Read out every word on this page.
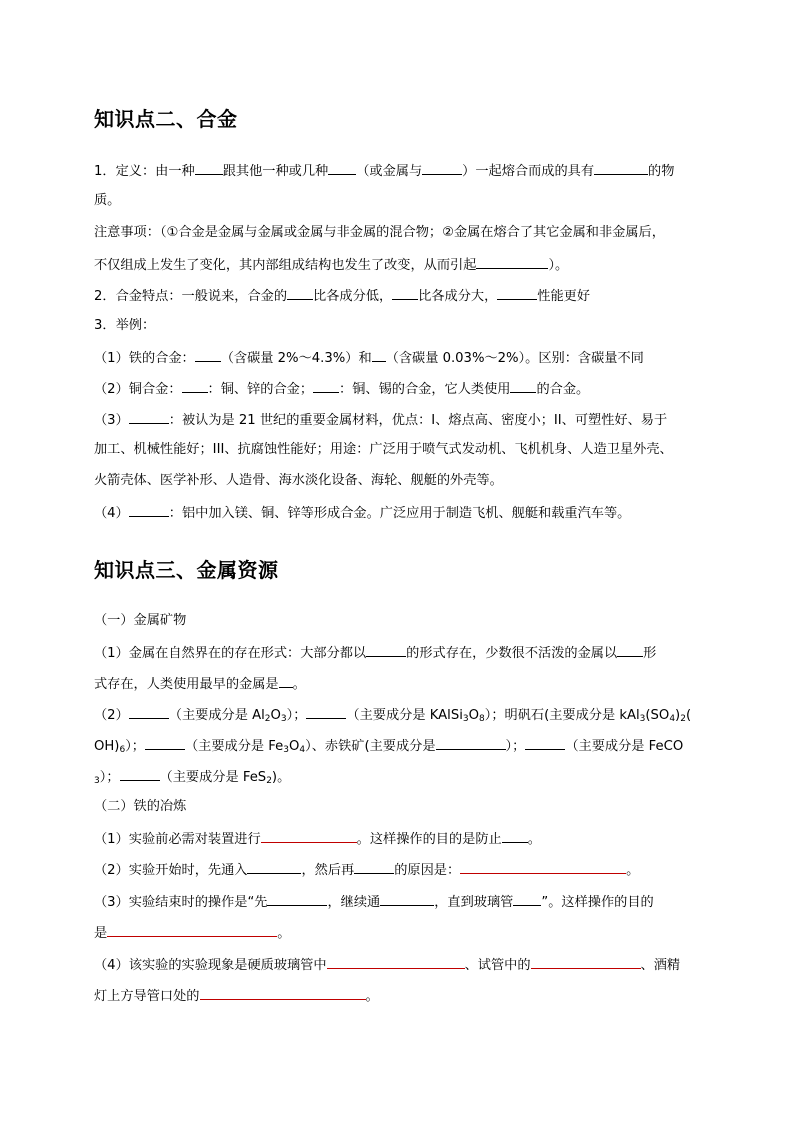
知识点二、合金
1．定义：由一种 跟其他一种或几种 （或金属与	）一起熔合而成的具有	的物
质。
注意事项：（①合金是金属与金属或金属与非金属的混合物；②金属在熔合了其它金属和非金属后，
不仅组成上发生了变化，其内部组成结构也发生了改变，从而引起	）。
2．合金特点：一般说来，合金的 比各成分低， 比各成分大，	性能更好
3．举例：
（1）铁的合金： （含碳量 2%～4.3%）和 （含碳量 0.03%～2%）。区别：含碳量不同
（2）铜合金： ：铜、锌的合金； ：铜、锡的合金，它人类使用 的合金。
（3）	：被认为是 21 世纪的重要金属材料，优点：I、熔点高、密度小；II、可塑性好、易于
加工、机械性能好；III、抗腐蚀性能好；用途：广泛用于喷气式发动机、飞机机身、人造卫星外壳、
火箭壳体、医学补形、人造骨、海水淡化设备、海轮、舰艇的外壳等。
（4）	：铝中加入镁、铜、锌等形成合金。广泛应用于制造飞机、舰艇和载重汽车等。
知识点三、金属资源
（一）金属矿物
（1）金属在自然界在的存在形式：大部分都以	的形式存在，少数很不活泼的金属以 形
式存在，人类使用最早的金属是 。
（2）	（主要成分是 $Al_2O_3$）；	（主要成分是 $KAlSi_3O_8$）；明矾石(主要成分是 $kAl_3(SO_4)_2$(
$OH)_6$）；	（主要成分是 $Fe_3O_4$）、赤铁矿(主要成分是	）；	（主要成分是 FeCO
$_3$）；	（主要成分是 FeS$_2$)。
（二）铁的冶炼
（1）实验前必需对装置进行	。这样操作的目的是防止 。
（2）实验开始时，先通入	，然后再	的原因是：	。
（3）实验结束时的操作是“先	，继续通	，直到玻璃管 ”。这样操作的目的
是	。
（4）该实验的实验现象是硬质玻璃管中	、试管中的	、酒精
灯上方导管口处的	。
